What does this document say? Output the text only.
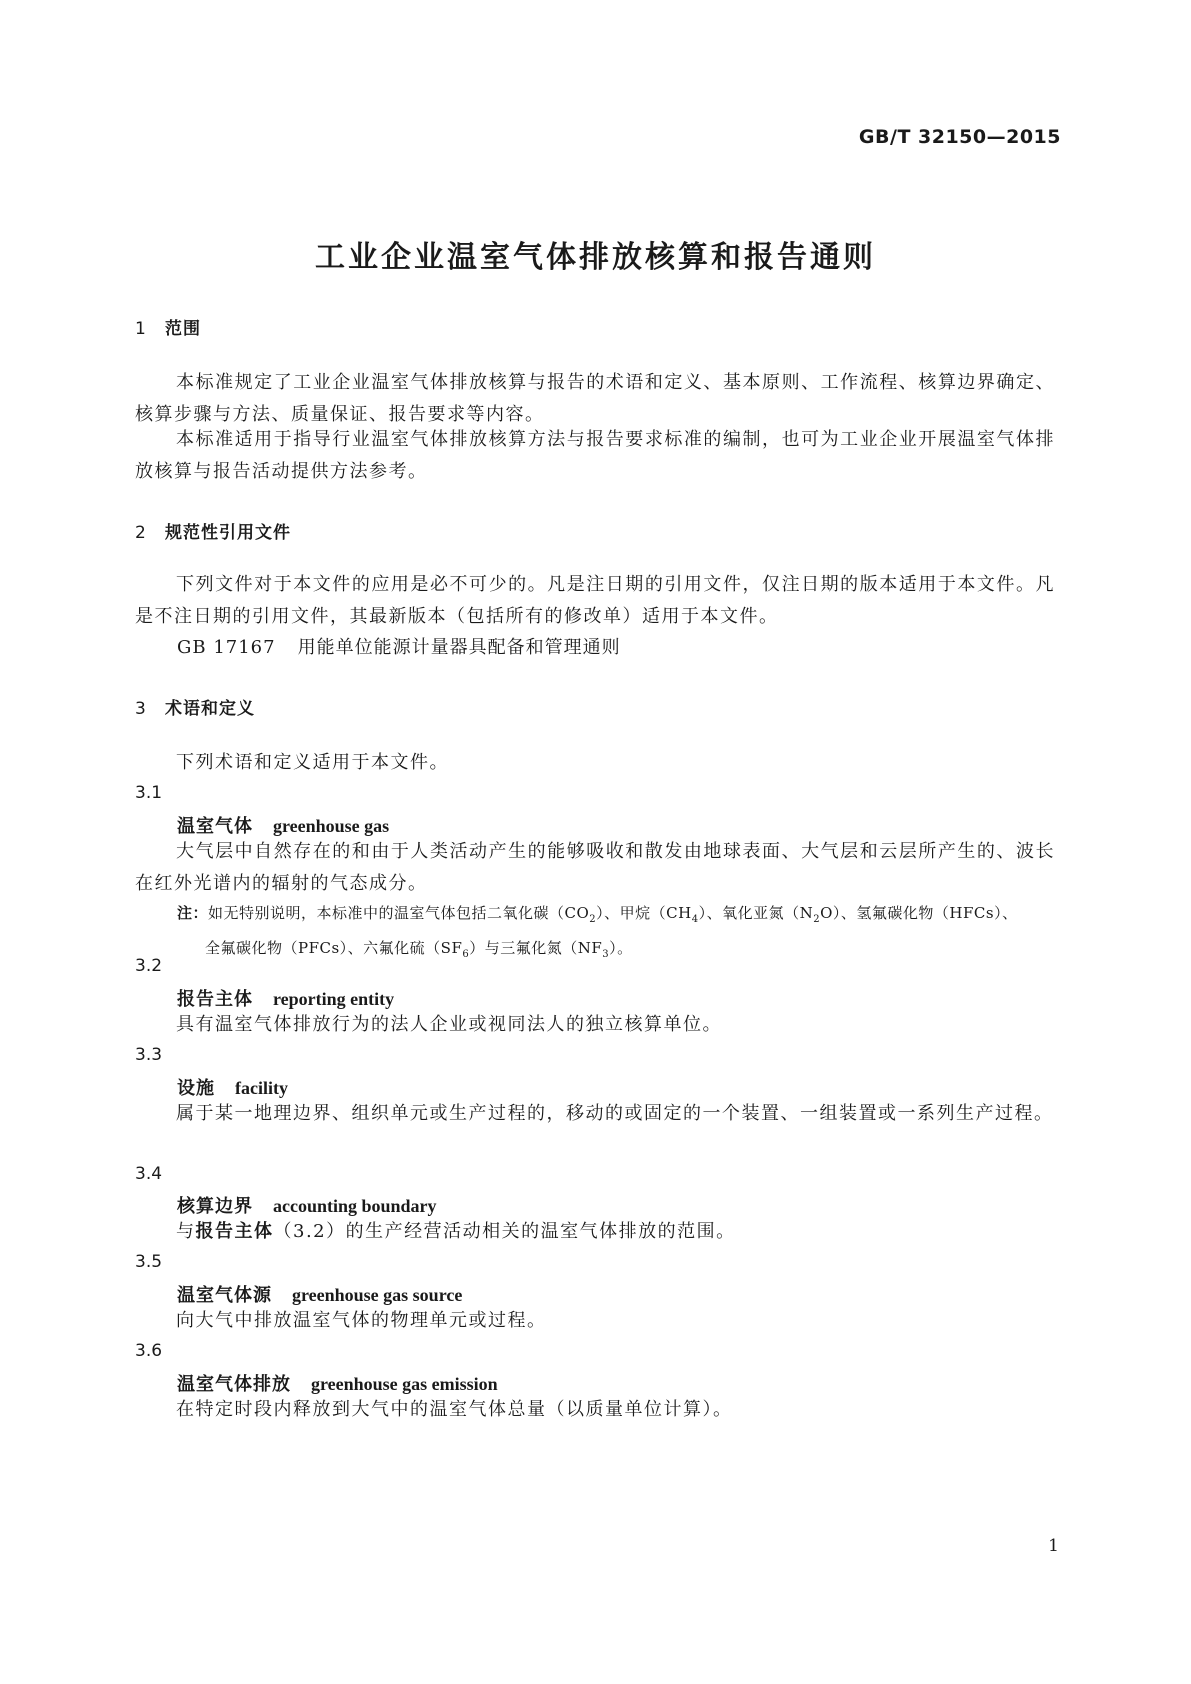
GB/T 32150—2015
工业企业温室气体排放核算和报告通则
1 范围
本标准规定了工业企业温室气体排放核算与报告的术语和定义、基本原则、工作流程、核算边界确定、核算步骤与方法、质量保证、报告要求等内容。
本标准适用于指导行业温室气体排放核算方法与报告要求标准的编制，也可为工业企业开展温室气体排放核算与报告活动提供方法参考。
2 规范性引用文件
下列文件对于本文件的应用是必不可少的。凡是注日期的引用文件，仅注日期的版本适用于本文件。凡是不注日期的引用文件，其最新版本（包括所有的修改单）适用于本文件。
GB 17167 用能单位能源计量器具配备和管理通则
3 术语和定义
下列术语和定义适用于本文件。
3.1
温室气体 greenhouse gas
大气层中自然存在的和由于人类活动产生的能够吸收和散发由地球表面、大气层和云层所产生的、波长在红外光谱内的辐射的气态成分。
注：如无特别说明，本标准中的温室气体包括二氧化碳$(CO_2)$、甲烷$(CH_4)$、氧化亚氮$(N_2O)$、氢氟碳化物（HFCs）、
全氟碳化物（PFCs）、六氟化硫$(SF_6)$与三氟化氮$(NF_3)$。
3.2
报告主体 reporting entity
具有温室气体排放行为的法人企业或视同法人的独立核算单位。
3.3
设施 facility
属于某一地理边界、组织单元或生产过程的，移动的或固定的一个装置、一组装置或一系列生产过程。
3.4
核算边界 accounting boundary
与报告主体（3.2）的生产经营活动相关的温室气体排放的范围。
3.5
温室气体源 greenhouse gas source
向大气中排放温室气体的物理单元或过程。
3.6
温室气体排放 greenhouse gas emission
在特定时段内释放到大气中的温室气体总量（以质量单位计算）。
1
